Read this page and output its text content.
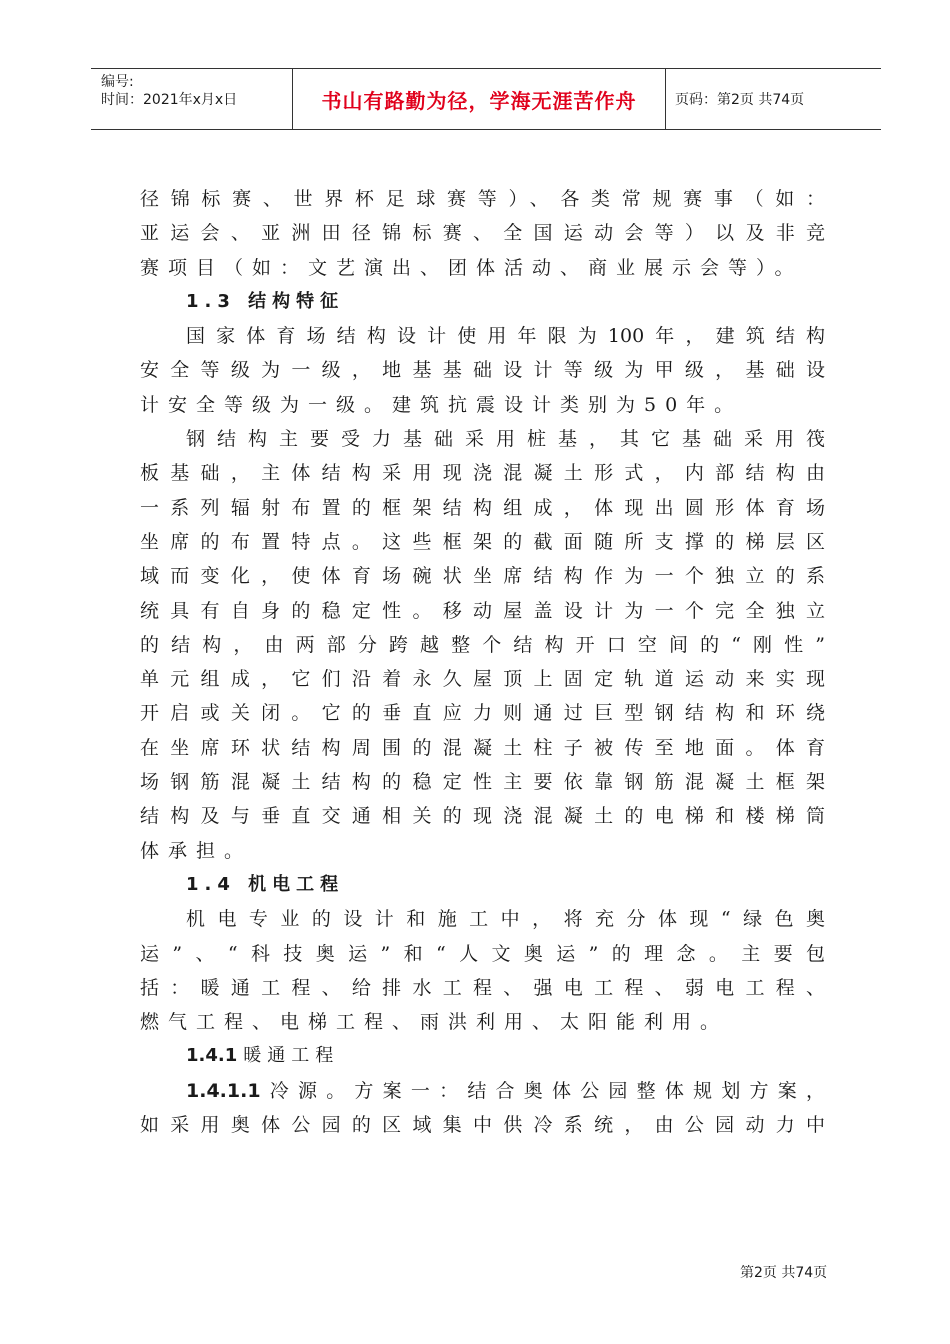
编号:
时间：2021年x月x日	书山有路勤为径，学海无涯苦作舟	页码：第2页 共74页
径锦标赛、世界杯足球赛等）、各类常规赛事（如：
亚运会、亚洲田径锦标赛、全国运动会等）以及非竞
赛项目（如：文艺演出、团体活动、商业展示会等）。
1.3 结构特征
国家体育场结构设计使用年限为100年，建筑结构
安全等级为一级，地基基础设计等级为甲级，基础设
计安全等级为一级。建筑抗震设计类别为50年。
钢结构主要受力基础采用桩基，其它基础采用筏
板基础，主体结构采用现浇混凝土形式，内部结构由
一系列辐射布置的框架结构组成，体现出圆形体育场
坐席的布置特点。这些框架的截面随所支撑的梯层区
域而变化，使体育场碗状坐席结构作为一个独立的系
统具有自身的稳定性。移动屋盖设计为一个完全独立
的结构，由两部分跨越整个结构开口空间的“刚性”
单元组成，它们沿着永久屋顶上固定轨道运动来实现
开启或关闭。它的垂直应力则通过巨型钢结构和环绕
在坐席环状结构周围的混凝土柱子被传至地面。体育
场钢筋混凝土结构的稳定性主要依靠钢筋混凝土框架
结构及与垂直交通相关的现浇混凝土的电梯和楼梯筒
体承担。
1.4 机电工程
机电专业的设计和施工中，将充分体现“绿色奥
运”、“科技奥运”和“人文奥运”的理念。主要包
括：暖通工程、给排水工程、强电工程、弱电工程、
燃气工程、电梯工程、雨洪利用、太阳能利用。
1.4.1 暖通工程
1.4.1.1冷源。方案一：结合奥体公园整体规划方案，
如采用奥体公园的区域集中供冷系统，由公园动力中
第2页 共74页
